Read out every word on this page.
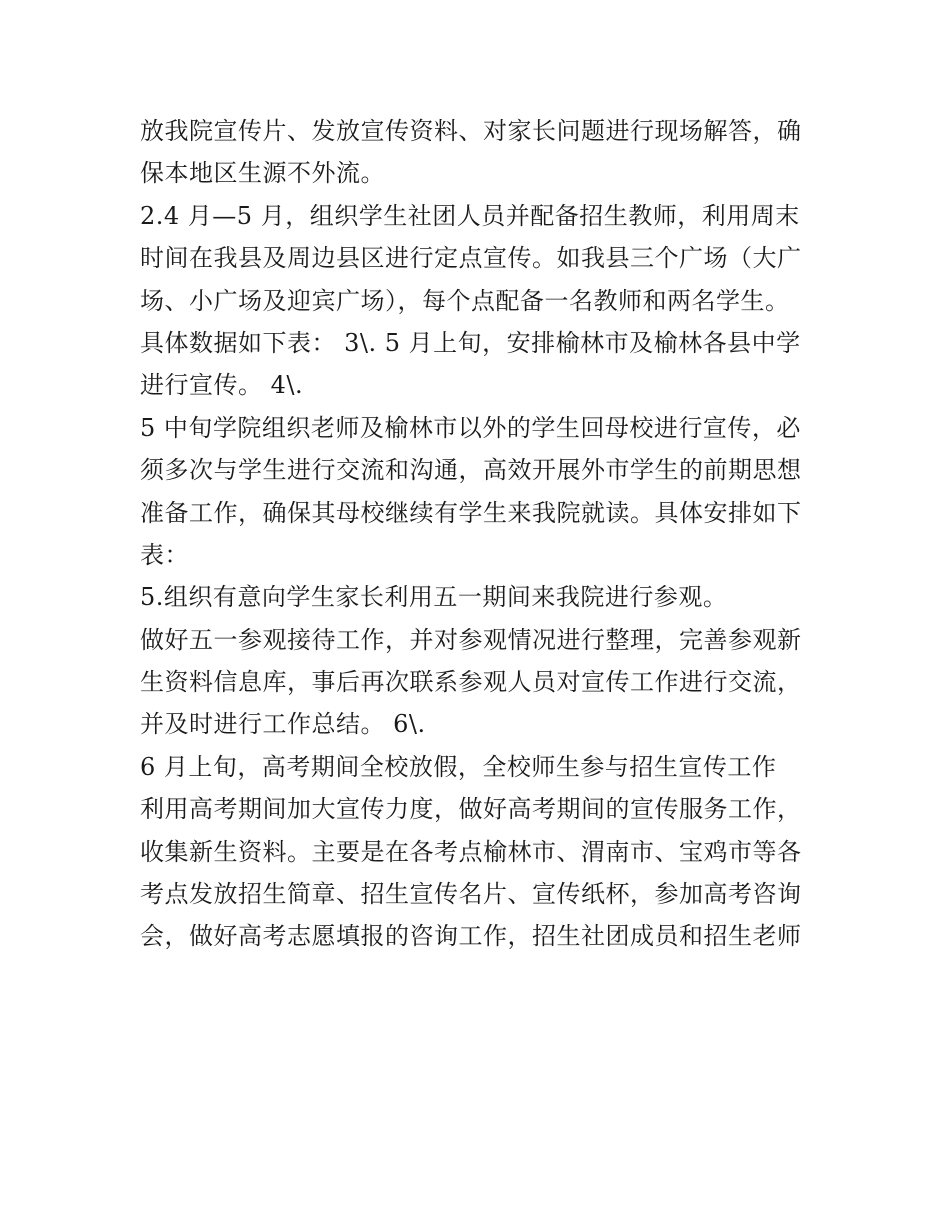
放我院宣传片、发放宣传资料、对家长问题进行现场解答，确
保本地区生源不外流。
2.4 月—5 月，组织学生社团人员并配备招生教师，利用周末
时间在我县及周边县区进行定点宣传。如我县三个广场（大广
场、小广场及迎宾广场），每个点配备一名教师和两名学生。
具体数据如下表： 3\. 5 月上旬，安排榆林市及榆林各县中学
进行宣传。 4\.
5 中旬学院组织老师及榆林市以外的学生回母校进行宣传，必
须多次与学生进行交流和沟通，高效开展外市学生的前期思想
准备工作，确保其母校继续有学生来我院就读。具体安排如下
表：
5.组织有意向学生家长利用五一期间来我院进行参观。
做好五一参观接待工作，并对参观情况进行整理，完善参观新
生资料信息库，事后再次联系参观人员对宣传工作进行交流，
并及时进行工作总结。 6\.
6 月上旬，高考期间全校放假，全校师生参与招生宣传工作
利用高考期间加大宣传力度，做好高考期间的宣传服务工作，
收集新生资料。主要是在各考点榆林市、渭南市、宝鸡市等各
考点发放招生简章、招生宣传名片、宣传纸杯，参加高考咨询
会，做好高考志愿填报的咨询工作，招生社团成员和招生老师
